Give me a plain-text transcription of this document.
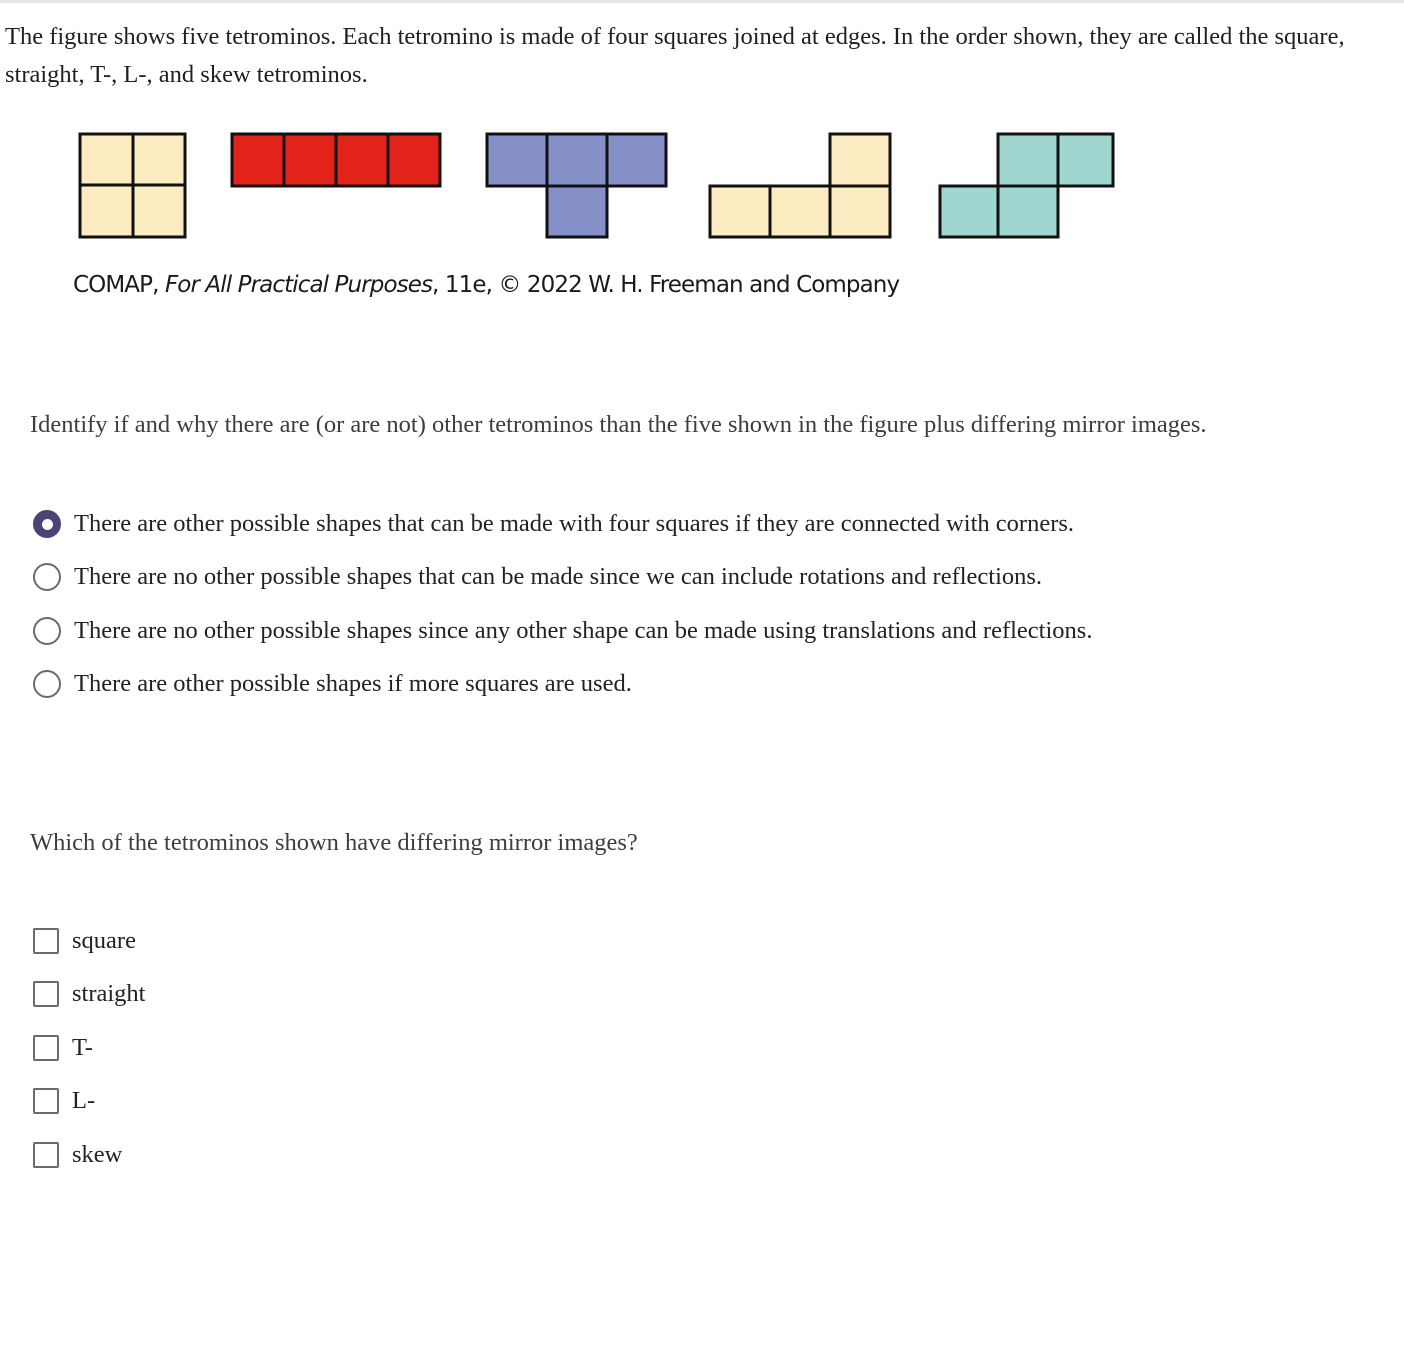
The figure shows five tetrominos. Each tetromino is made of four squares joined at edges. In the order shown, they are called the square, straight, T-, L-, and skew tetrominos.

COMAP, For All Practical Purposes, 11e, © 2022 W. H. Freeman and Company
Identify if and why there are (or are not) other tetrominos than the five shown in the figure plus differing mirror images.
There are other possible shapes that can be made with four squares if they are connected with corners.
There are no other possible shapes that can be made since we can include rotations and reflections.
There are no other possible shapes since any other shape can be made using translations and reflections.
There are other possible shapes if more squares are used.
Which of the tetrominos shown have differing mirror images?
square
straight
T-
L-
skew
